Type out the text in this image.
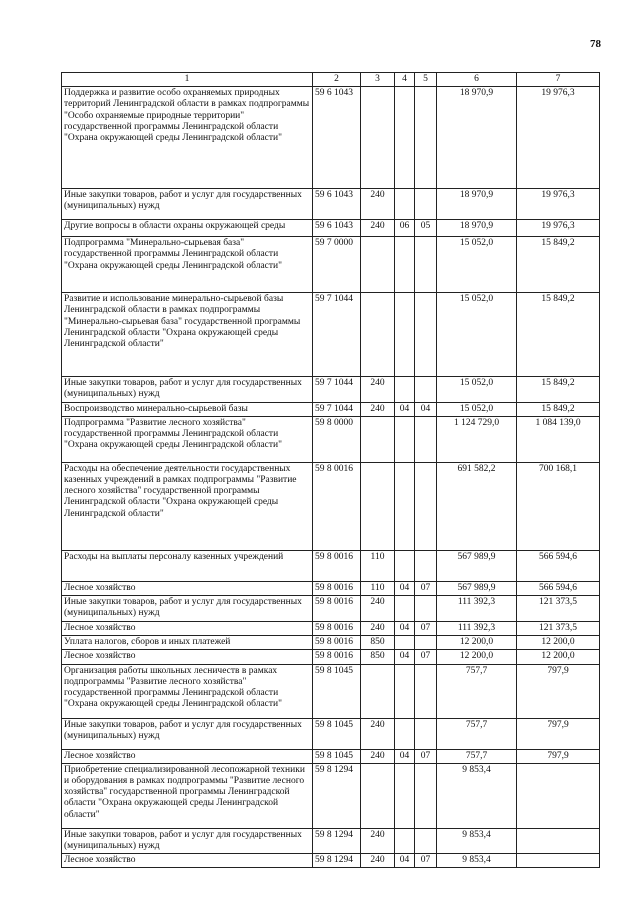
78
1	2	3	4	5	6	7
Поддержка и развитие особо охраняемых природных территорий Ленинградской области в рамках подпрограммы "Особо охраняемые природные территории" государственной программы Ленинградской области "Охрана окружающей среды Ленинградской области"	59 6 1043				18 970,9	19 976,3
Иные закупки товаров, работ и услуг для государственных (муниципальных) нужд	59 6 1043	240			18 970,9	19 976,3
Другие вопросы в области охраны окружающей среды	59 6 1043	240	06	05	18 970,9	19 976,3
Подпрограмма "Минерально-сырьевая база" государственной программы Ленинградской области "Охрана окружающей среды Ленинградской области"	59 7 0000				15 052,0	15 849,2
Развитие и использование минерально-сырьевой базы Ленинградской области в рамках подпрограммы "Минерально-сырьевая база" государственной программы Ленинградской области "Охрана окружающей среды Ленинградской области"	59 7 1044				15 052,0	15 849,2
Иные закупки товаров, работ и услуг для государственных (муниципальных) нужд	59 7 1044	240			15 052,0	15 849,2
Воспроизводство минерально-сырьевой базы	59 7 1044	240	04	04	15 052,0	15 849,2
Подпрограмма "Развитие лесного хозяйства" государственной программы Ленинградской области "Охрана окружающей среды Ленинградской области"	59 8 0000				1 124 729,0	1 084 139,0
Расходы на обеспечение деятельности государственных казенных учреждений в рамках подпрограммы "Развитие лесного хозяйства" государственной программы Ленинградской области "Охрана окружающей среды Ленинградской области"	59 8 0016				691 582,2	700 168,1
Расходы на выплаты персоналу казенных учреждений	59 8 0016	110			567 989,9	566 594,6
Лесное хозяйство	59 8 0016	110	04	07	567 989,9	566 594,6
Иные закупки товаров, работ и услуг для государственных (муниципальных) нужд	59 8 0016	240			111 392,3	121 373,5
Лесное хозяйство	59 8 0016	240	04	07	111 392,3	121 373,5
Уплата налогов, сборов и иных платежей	59 8 0016	850			12 200,0	12 200,0
Лесное хозяйство	59 8 0016	850	04	07	12 200,0	12 200,0
Организация работы школьных лесничеств в рамках подпрограммы "Развитие лесного хозяйства" государственной программы Ленинградской области "Охрана окружающей среды Ленинградской области"	59 8 1045				757,7	797,9
Иные закупки товаров, работ и услуг для государственных (муниципальных) нужд	59 8 1045	240			757,7	797,9
Лесное хозяйство	59 8 1045	240	04	07	757,7	797,9
Приобретение специализированной лесопожарной техники и оборудования в рамках подпрограммы "Развитие лесного хозяйства" государственной программы Ленинградской области "Охрана окружающей среды Ленинградской области"	59 8 1294				9 853,4	
Иные закупки товаров, работ и услуг для государственных (муниципальных) нужд	59 8 1294	240			9 853,4	
Лесное хозяйство	59 8 1294	240	04	07	9 853,4	
